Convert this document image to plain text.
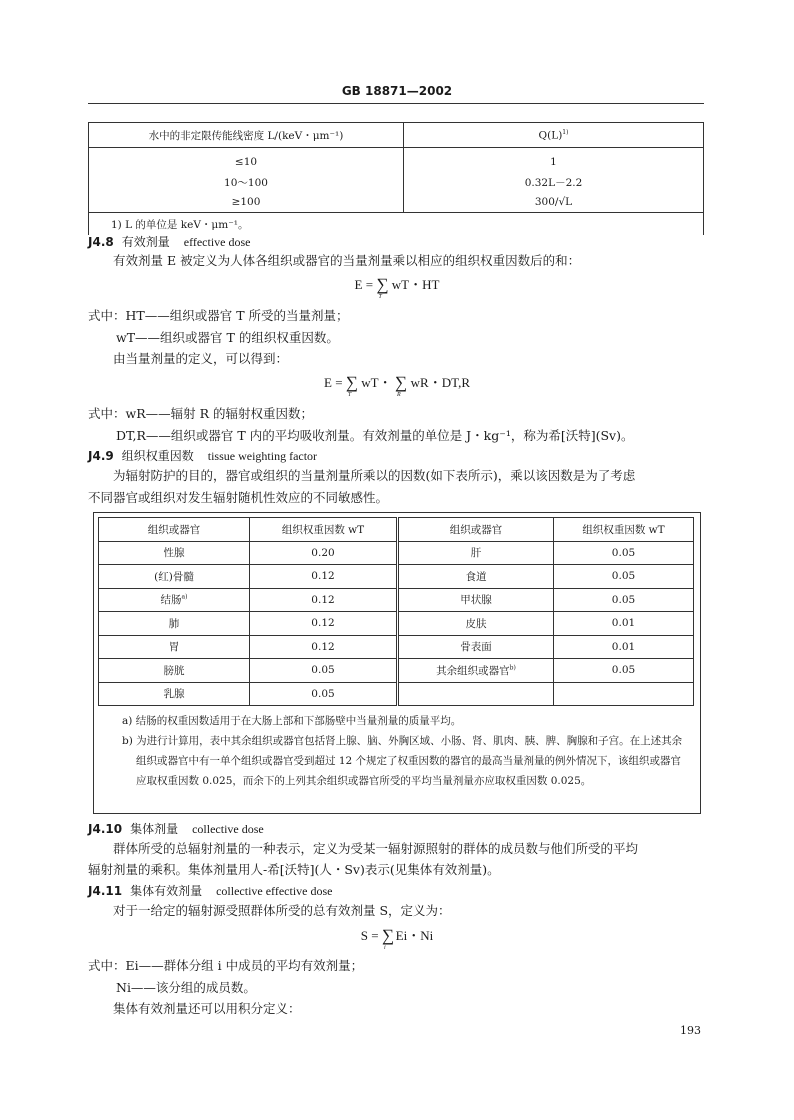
GB 18871—2002
水中的非定限传能线密度 L/(keV・μm⁻¹)	$Q(L)^{1)}$
≤10	1
10～100	0.32L－2.2
≥100	300/√L
1) L 的单位是 keV・μm⁻¹。	
J4.8 有效剂量 effective dose
有效剂量 E 被定义为人体各组织或器官的当量剂量乘以相应的组织权重因数后的和：
$E = \sum_TwT$・HT
式中：HT——组织或器官 T 所受的当量剂量；
wT——组织或器官 T 的组织权重因数。
由当量剂量的定义，可以得到：
$E = \sum_TwT$・ $\sum_RwR$・DT,R
式中：wR——辐射 R 的辐射权重因数；
DT,R——组织或器官 T 内的平均吸收剂量。有效剂量的单位是 J・kg⁻¹，称为希[沃特](Sv)。
J4.9 组织权重因数 tissue weighting factor
为辐射防护的目的，器官或组织的当量剂量所乘以的因数(如下表所示)，乘以该因数是为了考虑
不同器官或组织对发生辐射随机性效应的不同敏感性。
组织或器官	组织权重因数 wT	组织或器官	组织权重因数 wT
性腺	0.20	肝	0.05
(红)骨髓	0.12	食道	0.05
结肠$^{a)}$	0.12	甲状腺	0.05
肺	0.12	皮肤	0.01
胃	0.12	骨表面	0.01
膀胱	0.05	其余组织或器官$^{b)}$	0.05
乳腺	0.05		
a) 结肠的权重因数适用于在大肠上部和下部肠壁中当量剂量的质量平均。
b) 为进行计算用，表中其余组织或器官包括肾上腺、脑、外胸区域、小肠、肾、肌肉、胰、脾、胸腺和子宫。在上述其余组织或器官中有一单个组织或器官受到超过 12 个规定了权重因数的器官的最高当量剂量的例外情况下，该组织或器官应取权重因数 0.025，而余下的上列其余组织或器官所受的平均当量剂量亦应取权重因数 0.025。
J4.10 集体剂量 collective dose
群体所受的总辐射剂量的一种表示，定义为受某一辐射源照射的群体的成员数与他们所受的平均
辐射剂量的乘积。集体剂量用人-希[沃特](人・Sv)表示(见集体有效剂量)。
J4.11 集体有效剂量 collective effective dose
对于一给定的辐射源受照群体所受的总有效剂量 S，定义为：
$S = \sum_iEi$・Ni
式中：Ei——群体分组 i 中成员的平均有效剂量；
Ni——该分组的成员数。
集体有效剂量还可以用积分定义：
193
